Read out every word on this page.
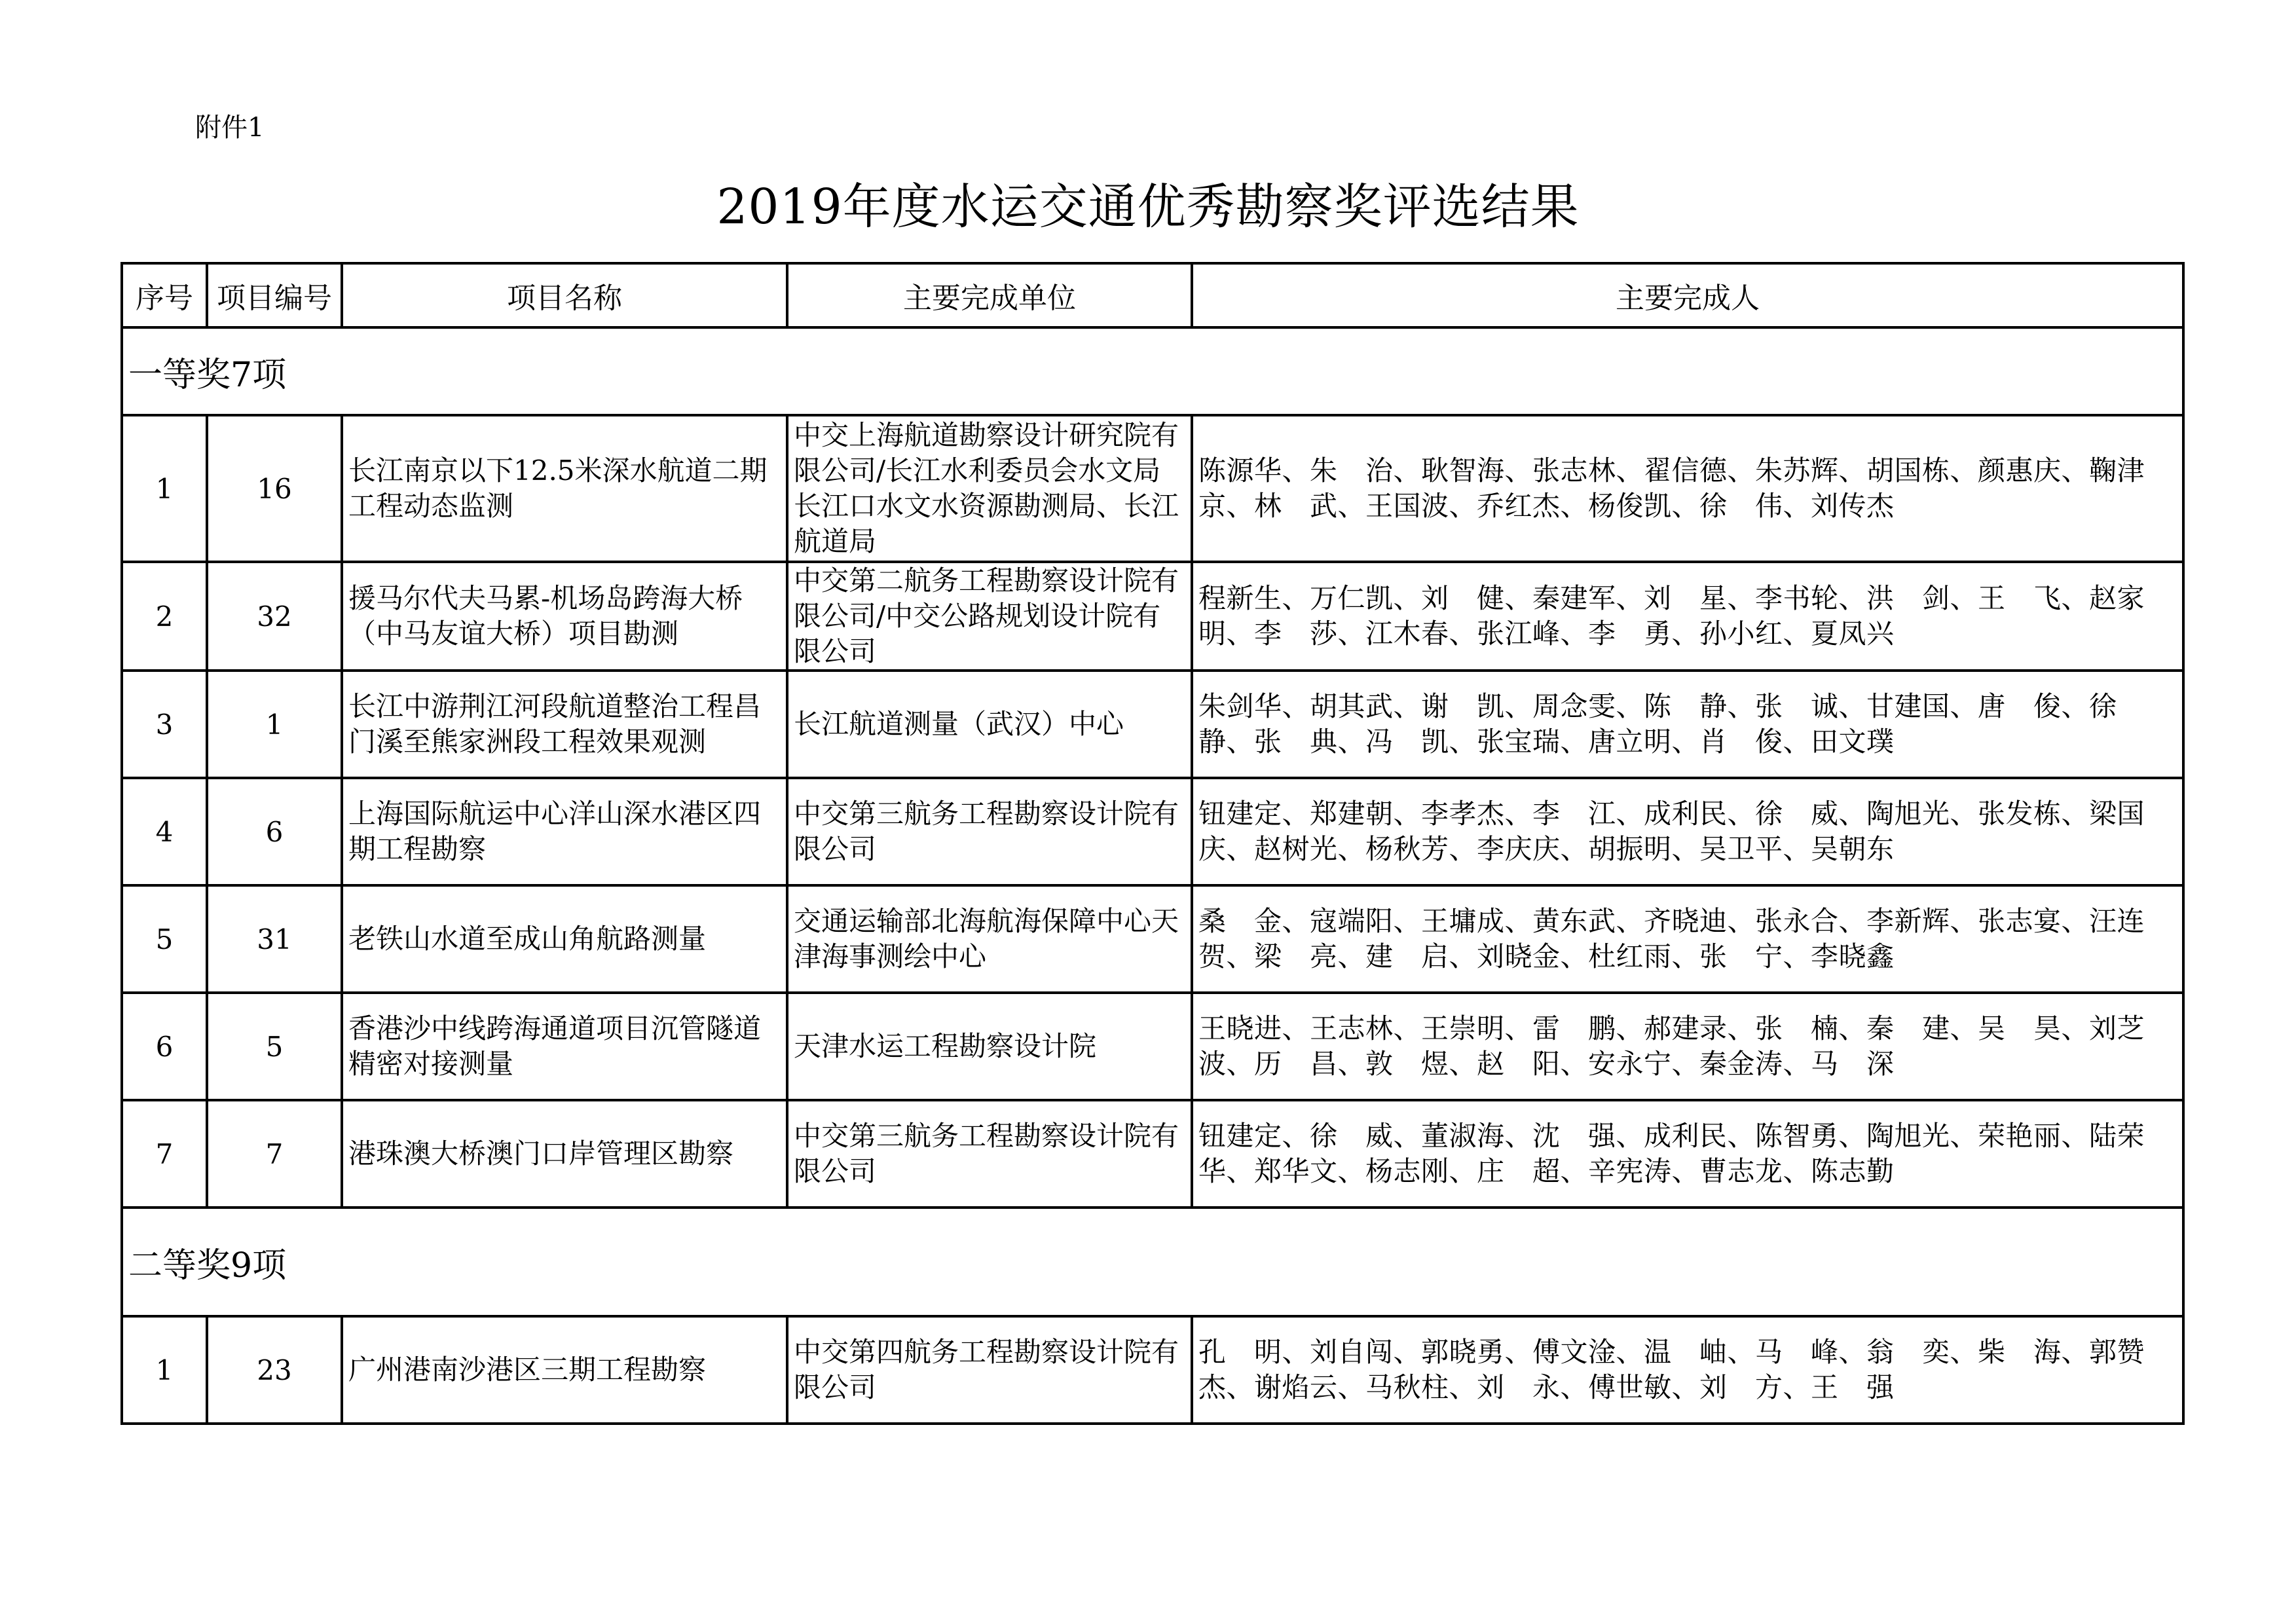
附件1
2019年度水运交通优秀勘察奖评选结果
序号	项目编号	项目名称	主要完成单位	主要完成人
一等奖7项				
1	16	长江南京以下12.5米深水航道二期工程动态监测	中交上海航道勘察设计研究院有限公司/长江水利委员会水文局长江口水文水资源勘测局、长江航道局	陈源华、朱　治、耿智海、张志林、翟信德、朱苏辉、胡国栋、颜惠庆、鞠津京、林　武、王国波、乔红杰、杨俊凯、徐　伟、刘传杰
2	32	援马尔代夫马累-机场岛跨海大桥（中马友谊大桥）项目勘测	中交第二航务工程勘察设计院有限公司/中交公路规划设计院有限公司	程新生、万仁凯、刘　健、秦建军、刘　星、李书轮、洪　剑、王　飞、赵家明、李　莎、江木春、张江峰、李　勇、孙小红、夏凤兴
3	1	长江中游荆江河段航道整治工程昌门溪至熊家洲段工程效果观测	长江航道测量（武汉）中心	朱剑华、胡其武、谢　凯、周念雯、陈　静、张　诚、甘建国、唐　俊、徐　静、张　典、冯　凯、张宝瑞、唐立明、肖　俊、田文璞
4	6	上海国际航运中心洋山深水港区四期工程勘察	中交第三航务工程勘察设计院有限公司	钮建定、郑建朝、李孝杰、李　江、成利民、徐　威、陶旭光、张发栋、梁国庆、赵树光、杨秋芳、李庆庆、胡振明、吴卫平、吴朝东
5	31	老铁山水道至成山角航路测量	交通运输部北海航海保障中心天津海事测绘中心	桑　金、寇端阳、王墉成、黄东武、齐晓迪、张永合、李新辉、张志宴、汪连贺、梁　亮、建　启、刘晓金、杜红雨、张　宁、李晓鑫
6	5	香港沙中线跨海通道项目沉管隧道精密对接测量	天津水运工程勘察设计院	王晓进、王志林、王崇明、雷　鹏、郝建录、张　楠、秦　建、吴　昊、刘芝波、历　昌、敦　煜、赵　阳、安永宁、秦金涛、马　深
7	7	港珠澳大桥澳门口岸管理区勘察	中交第三航务工程勘察设计院有限公司	钮建定、徐　威、董淑海、沈　强、成利民、陈智勇、陶旭光、荣艳丽、陆荣华、郑华文、杨志刚、庄　超、辛宪涛、曹志龙、陈志勤
二等奖9项				
1	23	广州港南沙港区三期工程勘察	中交第四航务工程勘察设计院有限公司	孔　明、刘自闯、郭晓勇、傅文淦、温　岫、马　峰、翁　奕、柴　海、郭赞杰、谢焰云、马秋柱、刘　永、傅世敏、刘　方、王　强
